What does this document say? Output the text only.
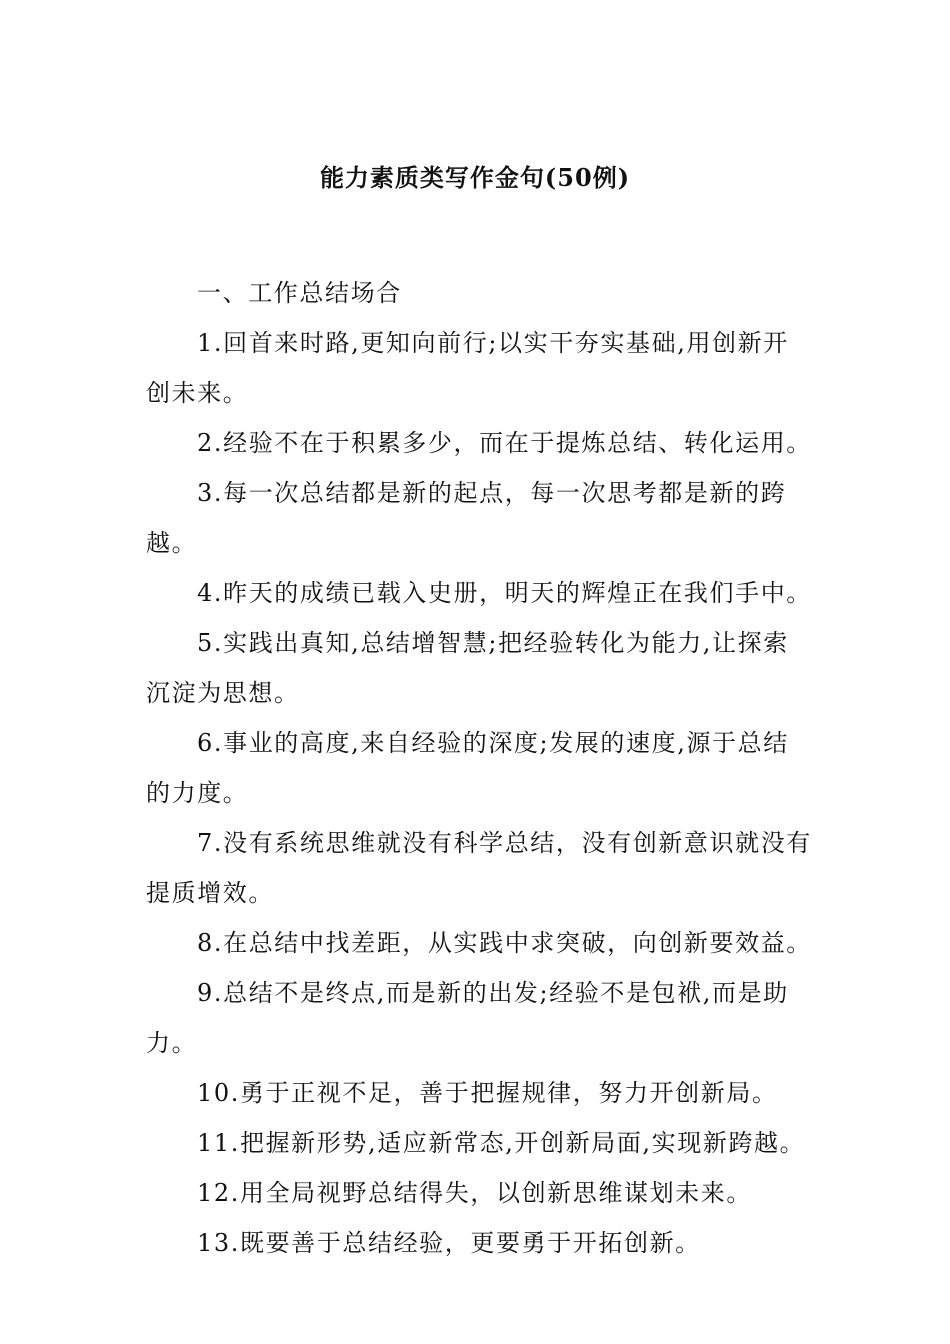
能力素质类写作金句(50例)

一、工作总结场合

1.回首来时路,更知向前行;以实干夯实基础,用创新开创未来。

2.经验不在于积累多少，而在于提炼总结、转化运用。

3.每一次总结都是新的起点，每一次思考都是新的跨越。

4.昨天的成绩已载入史册，明天的辉煌正在我们手中。

5.实践出真知,总结增智慧;把经验转化为能力,让探索沉淀为思想。

6.事业的高度,来自经验的深度;发展的速度,源于总结的力度。

7.没有系统思维就没有科学总结，没有创新意识就没有提质增效。

8.在总结中找差距，从实践中求突破，向创新要效益。

9.总结不是终点,而是新的出发;经验不是包袱,而是助力。

10.勇于正视不足，善于把握规律，努力开创新局。

11.把握新形势,适应新常态,开创新局面,实现新跨越。

12.用全局视野总结得失，以创新思维谋划未来。

13.既要善于总结经验，更要勇于开拓创新。
